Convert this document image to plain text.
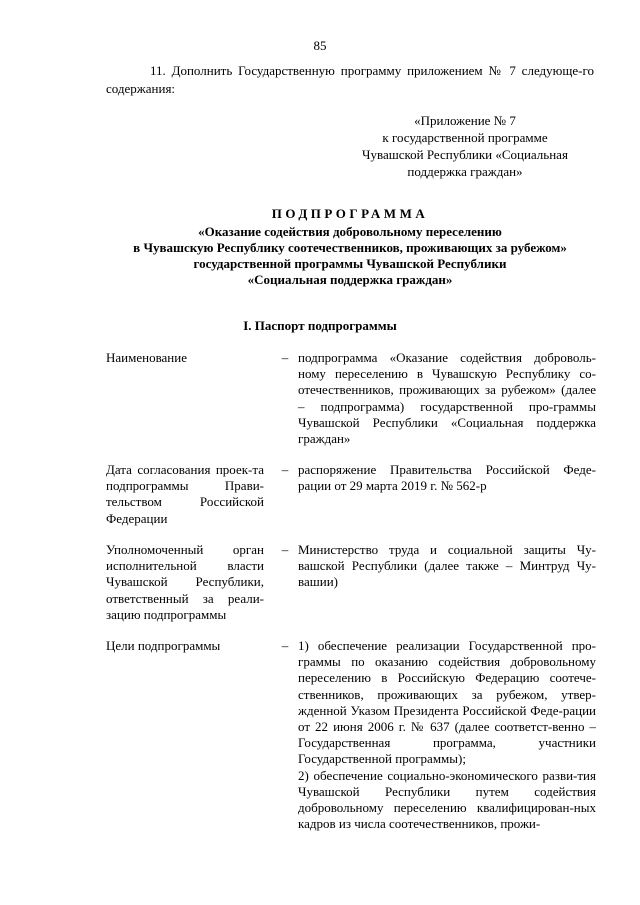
85
11. Дополнить Государственную программу приложением № 7 следующе-го содержания:
«Приложение № 7
к государственной программе
Чувашской Республики «Социальная
поддержка граждан»
ПОДПРОГРАММА
«Оказание содействия добровольному переселению
в Чувашскую Республику соотечественников, проживающих за рубежом»
государственной программы Чувашской Республики
«Социальная поддержка граждан»
I. Паспорт подпрограммы
Наименование	– подпрограмма «Оказание содействия доброволь-ному переселению в Чувашскую Республику со-отечественников, проживающих за рубежом» (далее – подпрограмма) государственной про-граммы Чувашской Республики «Социальная поддержка граждан»

Дата согласования проек-та подпрограммы Прави-тельством Российской Федерации
– распоряжение Правительства Российской Феде-рации от 29 марта 2019 г. № 562-р

Уполномоченный орган исполнительной власти Чувашской Республики, ответственный за реали-зацию подпрограммы
– Министерство труда и социальной защиты Чу-вашской Республики (далее также – Минтруд Чу-вашии)

Цели подпрограммы	– 1) обеспечение реализации Государственной про-граммы по оказанию содействия добровольному переселению в Российскую Федерацию соотече-ственников, проживающих за рубежом, утвер-жденной Указом Президента Российской Феде-рации от 22 июня 2006 г. № 637 (далее соответст-венно – Государственная программа, участники Государственной программы);

2) обеспечение социально-экономического разви-тия Чувашской Республики путем содействия добровольному переселению квалифицирован-ных кадров из числа соотечественников, прожи-
